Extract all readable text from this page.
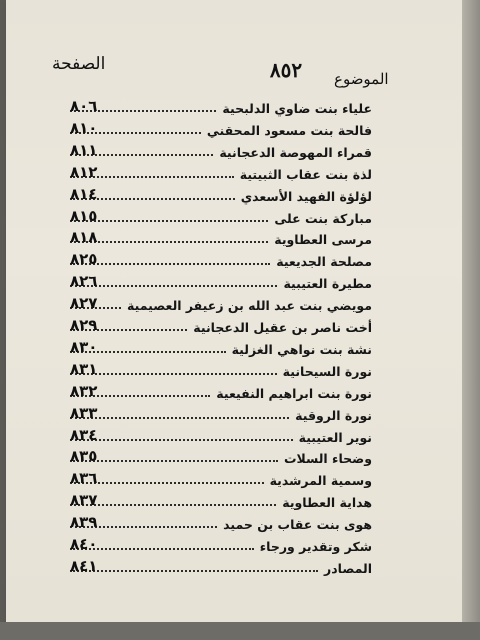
الصفحة	٨٥٢ الموضوع
علياء بنت ضاوي الدلبحية
٨٠٦
فالحة بنت مسعود المحقني
٨١٠
قمراء المهوصة الدعجانية
٨١١
لذة بنت عقاب الثبيتية
٨١٢
لؤلؤة الفهيد الأسعدي
٨١٤
مباركة بنت على
٨١٥
مرسى العطاوية
٨١٨
مصلحة الجديعية
٨٢٥
مطيرة العتيبية
٨٢٦
مويضي بنت عبد الله بن زعيفر العصيمية
٨٢٧
أخت ناصر بن عقيل الدعجانية
٨٢٩
نشة بنت نواهي الغزلية
٨٣٠
نورة السيحانية
٨٣١
نورة بنت ابراهيم النفيعية
٨٣٢
نورة الروقية
٨٣٣
نوير العتيبية
٨٣٤
وضحاء السلات
٨٣٥
وسمية المرشدية
٨٣٦
هداية العطاوية
٨٣٧
هوى بنت عقاب بن حميد
٨٣٩
شكر وتقدير ورجاء
٨٤٠
المصادر
٨٤١
